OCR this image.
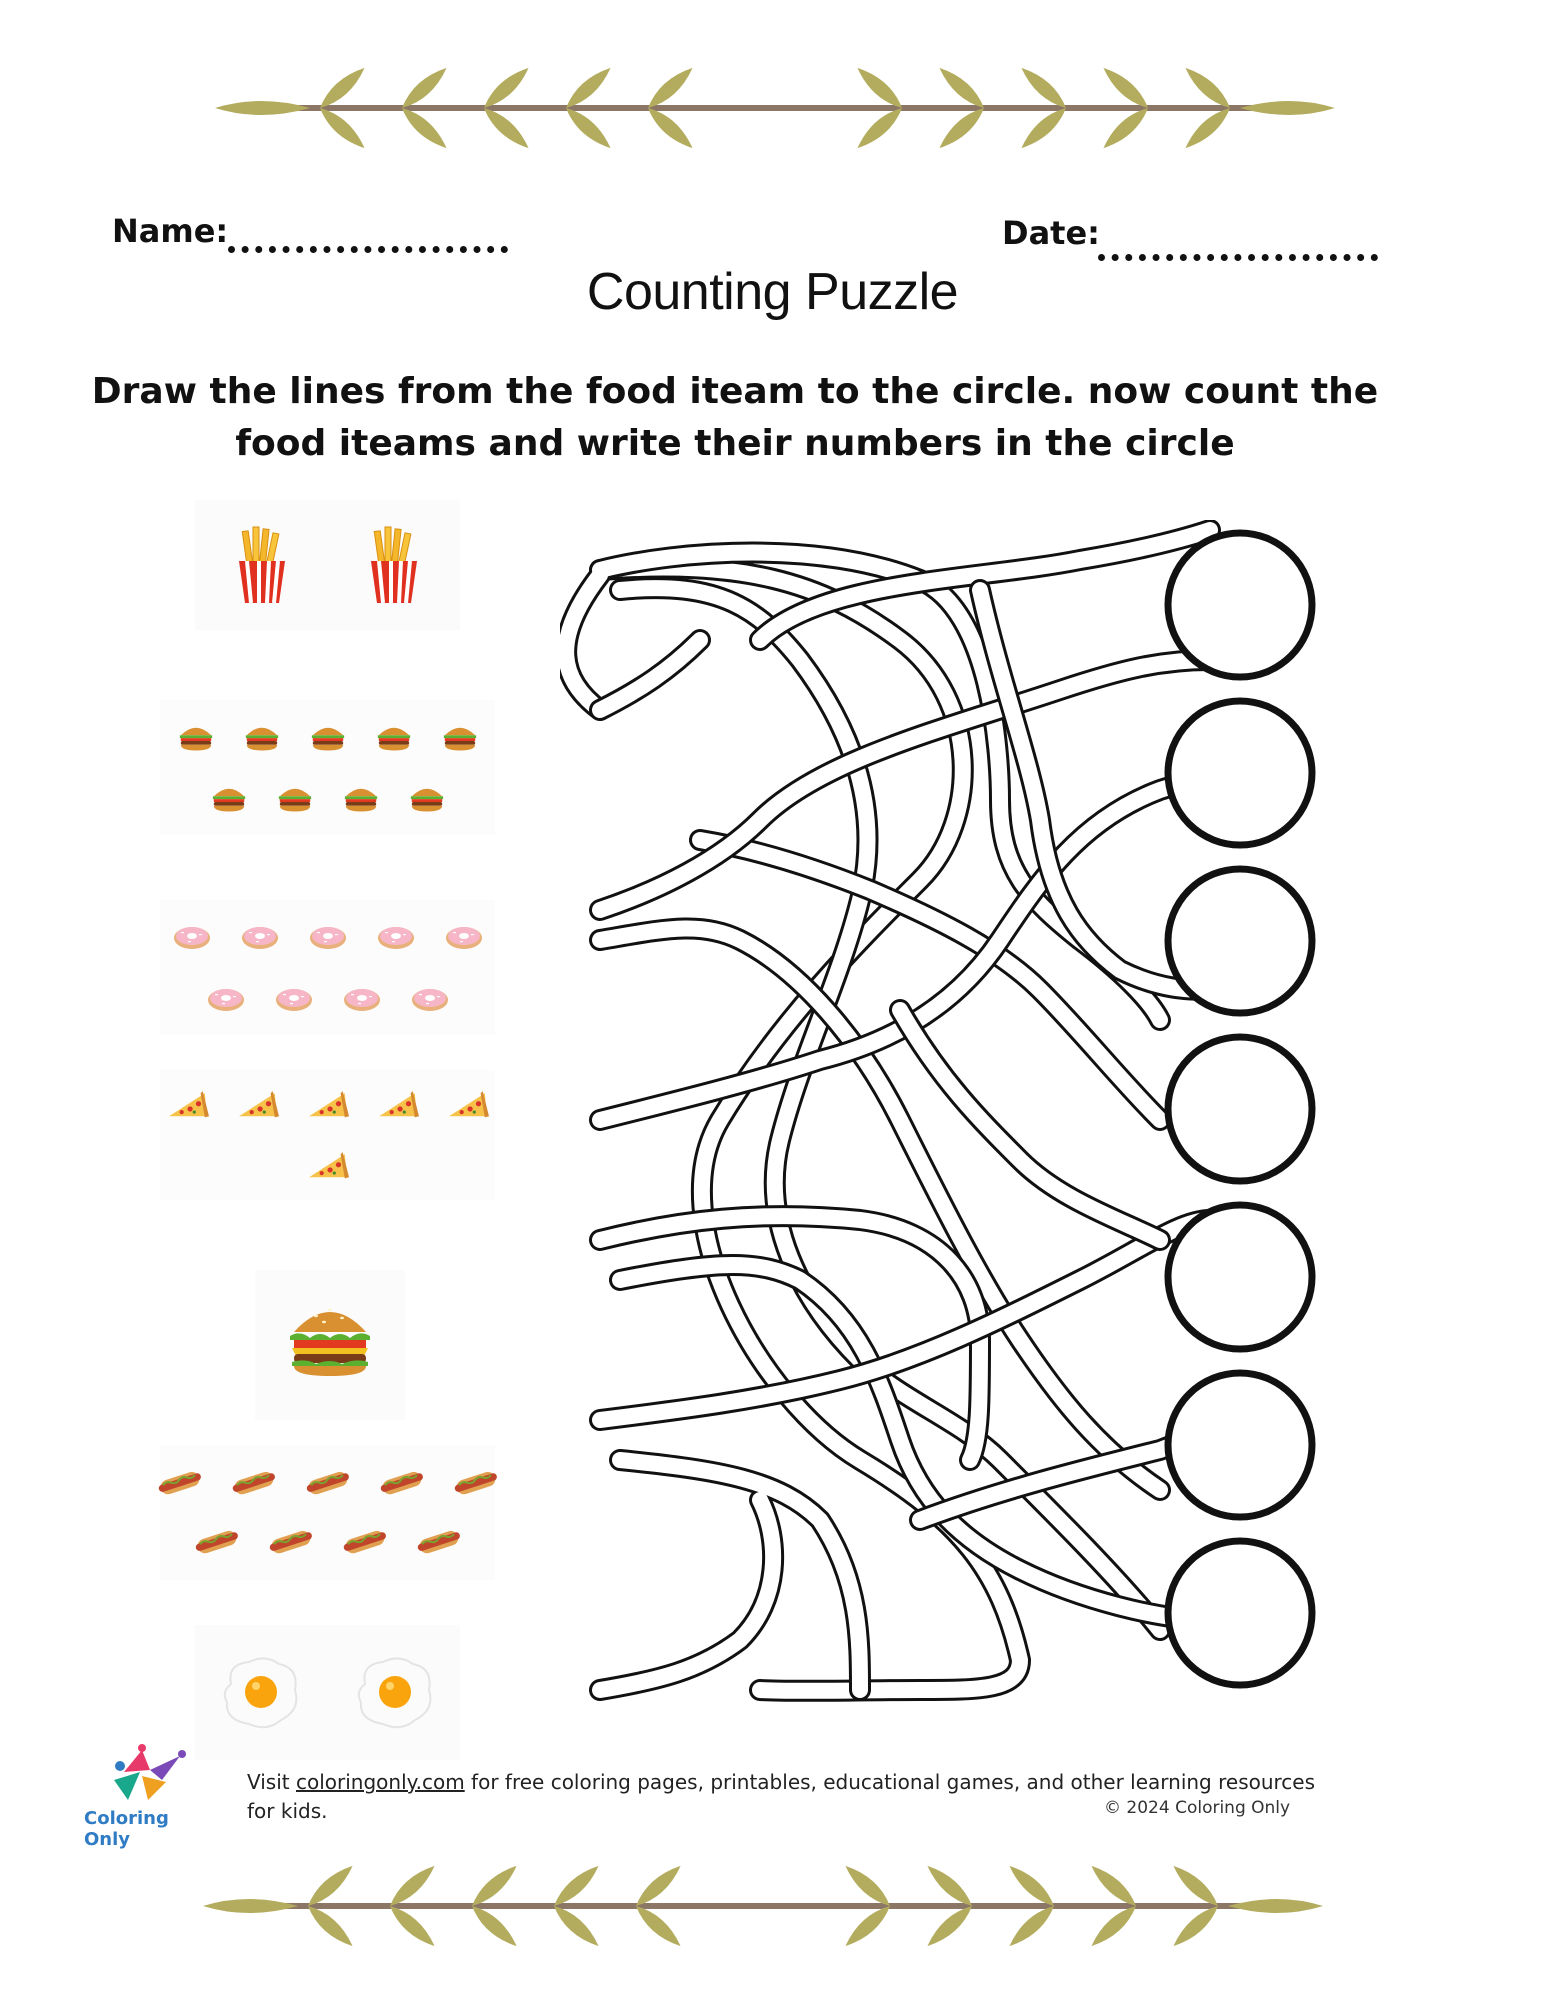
Name:	Date:
Counting Puzzle
Draw the lines from the food iteam to the circle. now count the food iteams and write their numbers in the circle
Coloring Only
Visit coloringonly.com for free coloring pages, printables, educational games, and other learning resources for kids.	© 2024 Coloring Only
